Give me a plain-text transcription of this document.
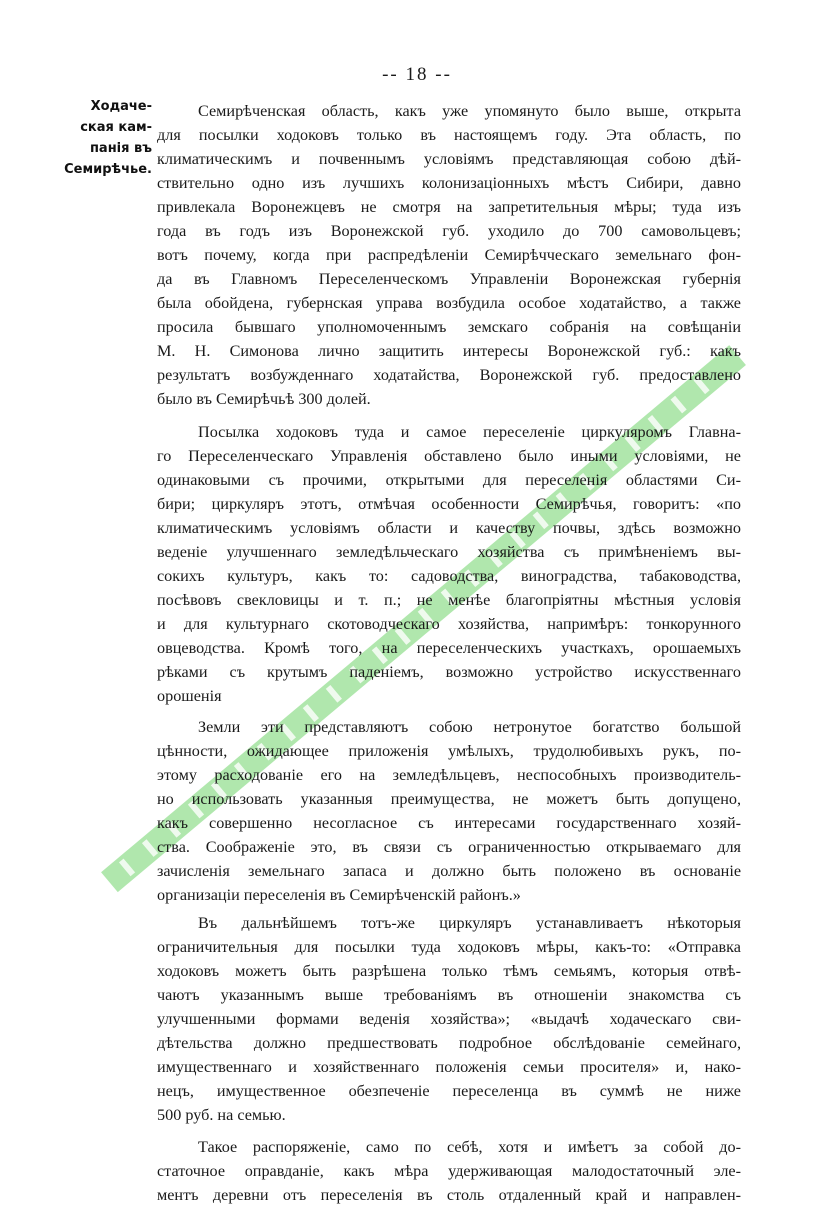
-- 18 --
Ходаче-
ская кам-
панія въ
Семирѣчье.
Семирѣченская область, какъ уже упомянуто было выше, открыта
для посылки ходоковъ только въ настоящемъ году. Эта область, по
климатическимъ и почвеннымъ условіямъ представляющая собою дѣй-
ствительно одно изъ лучшихъ колонизаціонныхъ мѣстъ Сибири, давно
привлекала Воронежцевъ не смотря на запретительныя мѣры; туда изъ
года въ годъ изъ Воронежской губ. уходило до 700 самовольцевъ;
вотъ почему, когда при распредѣленіи Семирѣчческаго земельнаго фон-
да въ Главномъ Переселенческомъ Управленіи Воронежская губернія
была обойдена, губернская управа возбудила особое ходатайство, а также
просила бывшаго уполномоченнымъ земскаго собранія на совѣщаніи
М. Н. Симонова лично защитить интересы Воронежской губ.: какъ
результатъ возбужденнаго ходатайства, Воронежской губ. предоставлено
было въ Семирѣчьѣ 300 долей.
Посылка ходоковъ туда и самое переселеніе циркуляромъ Главна-
го Переселенческаго Управленія обставлено было иными условіями, не
одинаковыми съ прочими, открытыми для переселенія областями Си-
бири; циркуляръ этотъ, отмѣчая особенности Семирѣчья, говоритъ: «по
климатическимъ условіямъ области и качеству почвы, здѣсь возможно
веденіе улучшеннаго земледѣльческаго хозяйства съ примѣненіемъ вы-
сокихъ культуръ, какъ то: садоводства, виноградства, табаководства,
посѣвовъ свекловицы и т. п.; не менѣе благопріятны мѣстныя условія
и для культурнаго скотоводческаго хозяйства, напримѣръ: тонкорунного
овцеводства. Кромѣ того, на переселенческихъ участкахъ, орошаемыхъ
рѣками съ крутымъ паденіемъ, возможно устройство искусственнаго
орошенія
Земли эти представляютъ собою нетронутое богатство большой
цѣнности, ожидающее приложенія умѣлыхъ, трудолюбивыхъ рукъ, по-
этому расходованіе его на земледѣльцевъ, неспособныхъ производитель-
но использовать указанныя преимущества, не можетъ быть допущено,
какъ совершенно несогласное съ интересами государственнаго хозяй-
ства. Соображеніе это, въ связи съ ограниченностью открываемаго для
зачисленія земельнаго запаса и должно быть положено въ основаніе
организаціи переселенія въ Семирѣченскій районъ.»
Въ дальнѣйшемъ тотъ-же циркуляръ устанавливаетъ нѣкоторыя
ограничительныя для посылки туда ходоковъ мѣры, какъ-то: «Отправка
ходоковъ можетъ быть разрѣшена только тѣмъ семьямъ, которыя отвѣ-
чаютъ указаннымъ выше требованіямъ въ отношеніи знакомства съ
улучшенными формами веденія хозяйства»; «выдачѣ ходаческаго сви-
дѣтельства должно предшествовать подробное обслѣдованіе семейнаго,
имущественнаго и хозяйственнаго положенія семьи просителя» и, нако-
нецъ, имущественное обезпеченіе переселенца въ суммѣ не ниже
500 руб. на семью.
Такое распоряженіе, само по себѣ, хотя и имѣетъ за собой до-
статочное оправданіе, какъ мѣра удерживающая малодостаточный эле-
ментъ деревни отъ переселенія въ столь отдаленный край и направлен-
